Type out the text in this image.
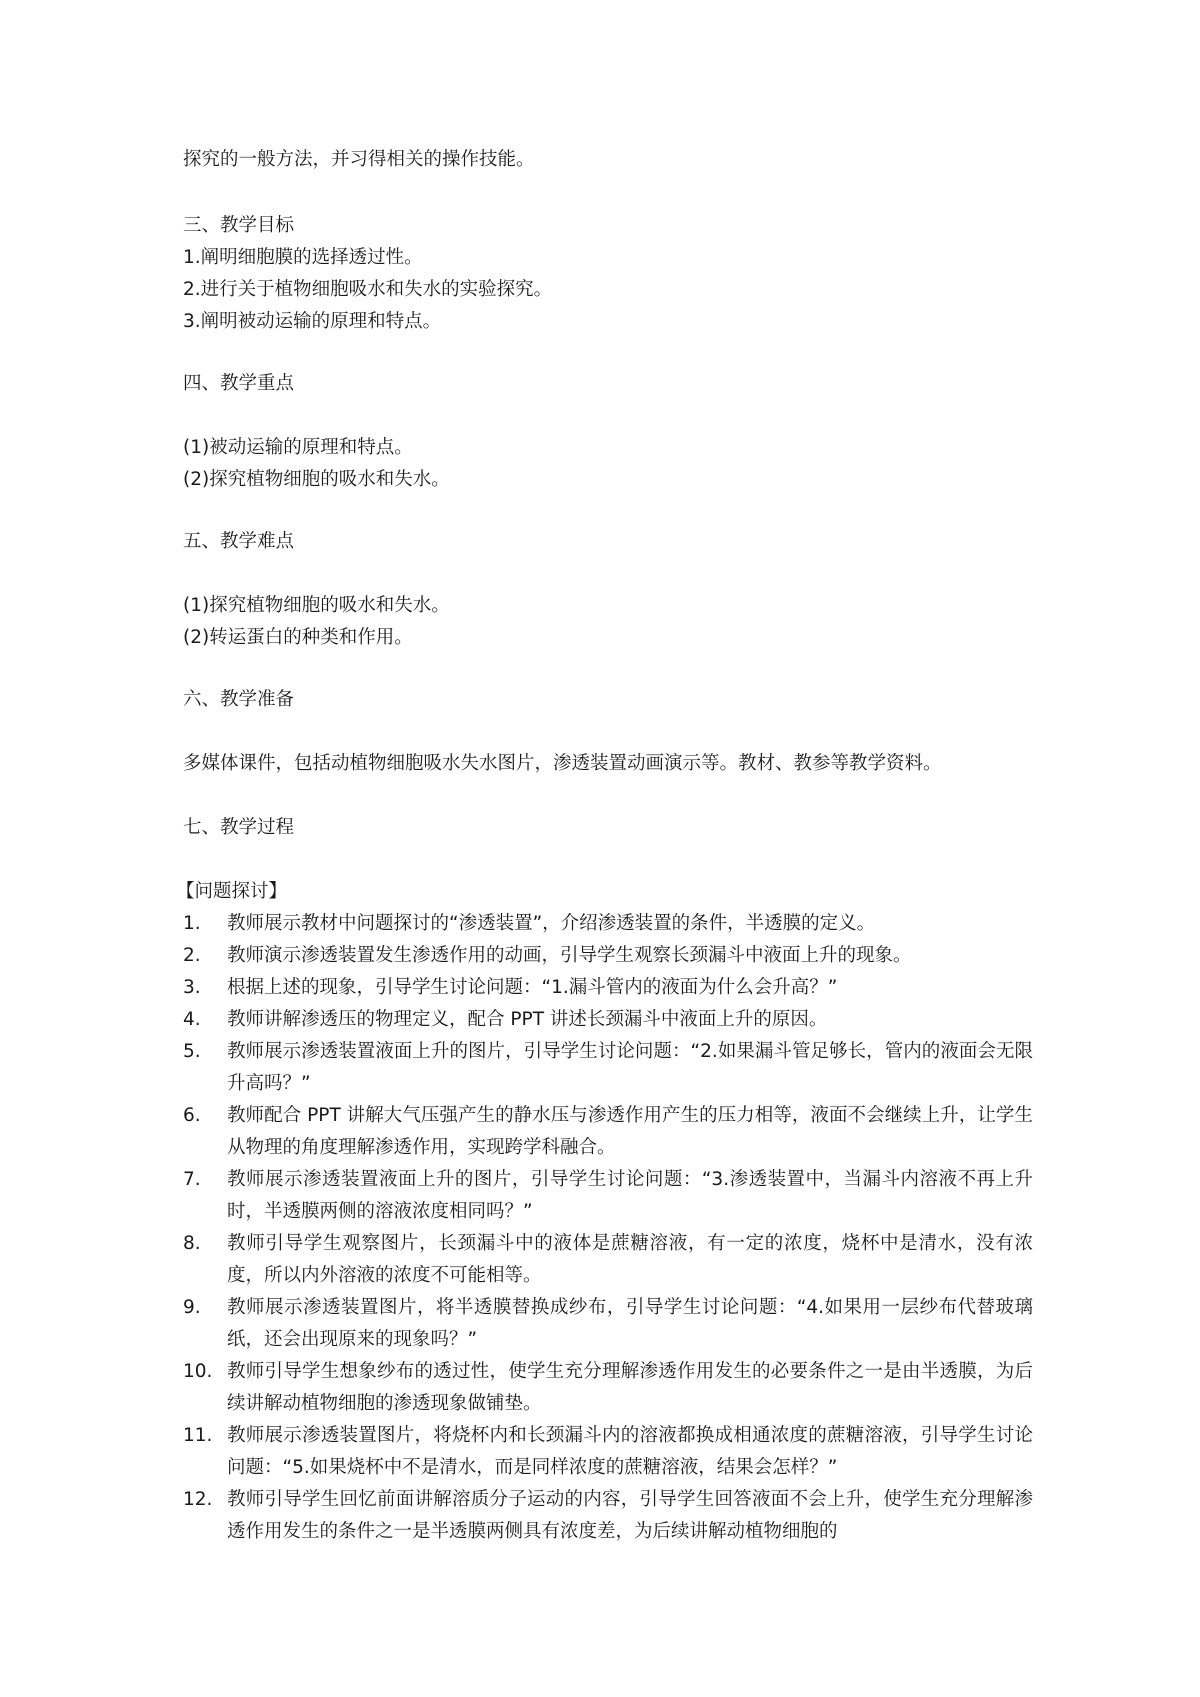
探究的一般方法，并习得相关的操作技能。

三、教学目标

1.阐明细胞膜的选择透过性。

2.进行关于植物细胞吸水和失水的实验探究。

3.阐明被动运输的原理和特点。

四、教学重点

(1)被动运输的原理和特点。

(2)探究植物细胞的吸水和失水。

五、教学难点

(1)探究植物细胞的吸水和失水。

(2)转运蛋白的种类和作用。

六、教学准备

多媒体课件，包括动植物细胞吸水失水图片，渗透装置动画演示等。教材、教参等教学资料。

七、教学过程

【问题探讨】

1. 教师展示教材中问题探讨的“渗透装置”，介绍渗透装置的条件，半透膜的定义。
2. 教师演示渗透装置发生渗透作用的动画，引导学生观察长颈漏斗中液面上升的现象。
3. 根据上述的现象，引导学生讨论问题：“1.漏斗管内的液面为什么会升高？”
4. 教师讲解渗透压的物理定义，配合 PPT 讲述长颈漏斗中液面上升的原因。
5. 教师展示渗透装置液面上升的图片，引导学生讨论问题：“2.如果漏斗管足够长，管内的液面会无限升高吗？”
6. 教师配合 PPT 讲解大气压强产生的静水压与渗透作用产生的压力相等，液面不会继续上升，让学生从物理的角度理解渗透作用，实现跨学科融合。
7. 教师展示渗透装置液面上升的图片，引导学生讨论问题：“3.渗透装置中，当漏斗内溶液不再上升时，半透膜两侧的溶液浓度相同吗？”
8. 教师引导学生观察图片，长颈漏斗中的液体是蔗糖溶液，有一定的浓度，烧杯中是清水，没有浓度，所以内外溶液的浓度不可能相等。
9. 教师展示渗透装置图片，将半透膜替换成纱布，引导学生讨论问题：“4.如果用一层纱布代替玻璃纸，还会出现原来的现象吗？”
10. 教师引导学生想象纱布的透过性，使学生充分理解渗透作用发生的必要条件之一是由半透膜，为后续讲解动植物细胞的渗透现象做铺垫。
11. 教师展示渗透装置图片，将烧杯内和长颈漏斗内的溶液都换成相通浓度的蔗糖溶液，引导学生讨论问题：“5.如果烧杯中不是清水，而是同样浓度的蔗糖溶液，结果会怎样？”
12. 教师引导学生回忆前面讲解溶质分子运动的内容，引导学生回答液面不会上升，使学生充分理解渗透作用发生的条件之一是半透膜两侧具有浓度差，为后续讲解动植物细胞的
